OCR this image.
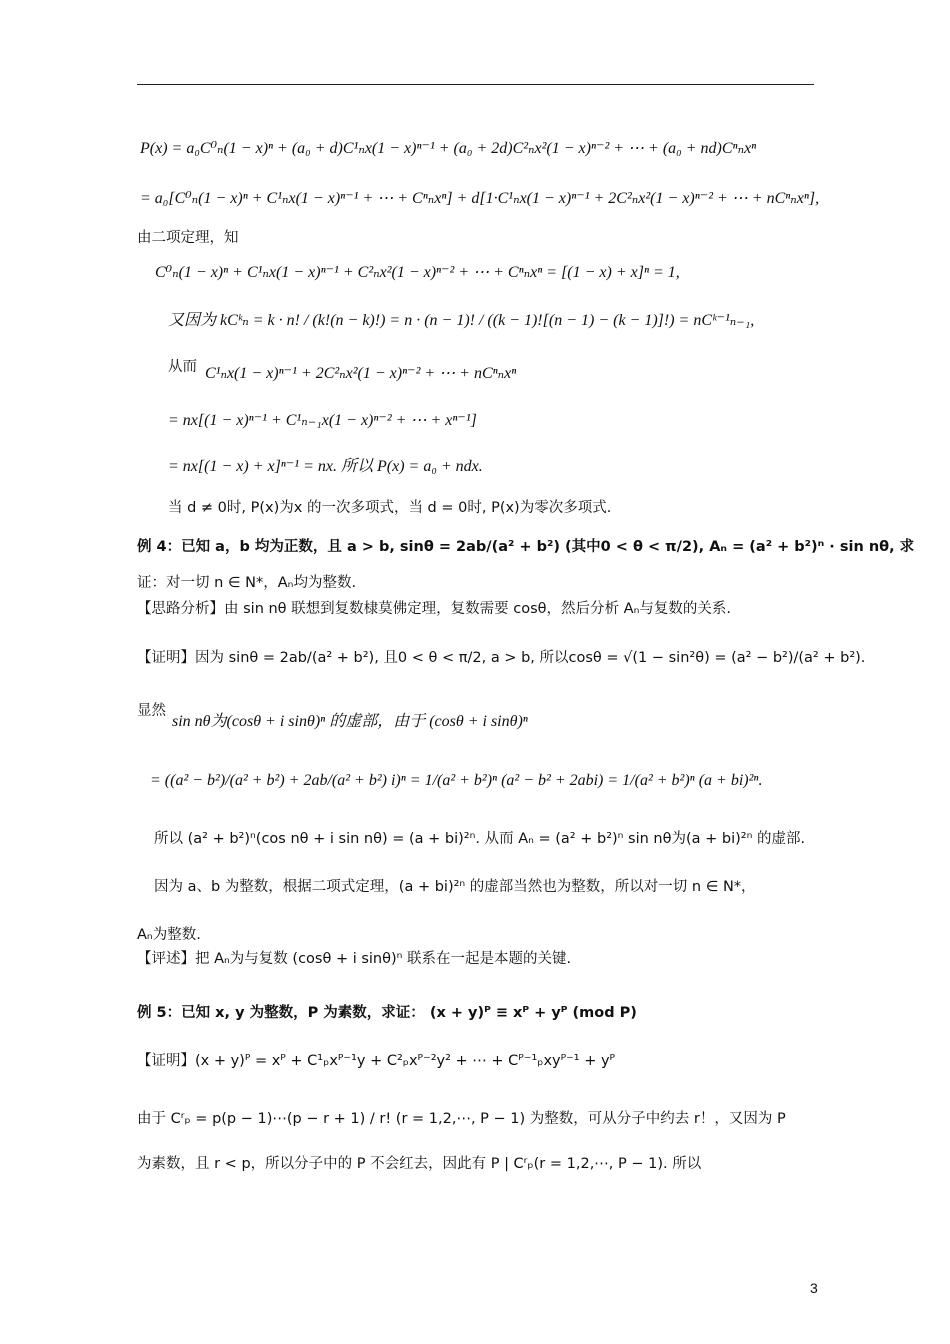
P(x) = a₀C⁰ₙ(1 − x)ⁿ + (a₀ + d)C¹ₙx(1 − x)ⁿ⁻¹ + (a₀ + 2d)C²ₙx²(1 − x)ⁿ⁻² + ⋯ + (a₀ + nd)Cⁿₙxⁿ
= a₀[C⁰ₙ(1 − x)ⁿ + C¹ₙx(1 − x)ⁿ⁻¹ + ⋯ + Cⁿₙxⁿ] + d[1·C¹ₙx(1 − x)ⁿ⁻¹ + 2C²ₙx²(1 − x)ⁿ⁻² + ⋯ + nCⁿₙxⁿ],
由二项定理，知
C⁰ₙ(1 − x)ⁿ + C¹ₙx(1 − x)ⁿ⁻¹ + C²ₙx²(1 − x)ⁿ⁻² + ⋯ + Cⁿₙxⁿ = [(1 − x) + x]ⁿ = 1,
又因为 kCᵏₙ = k · n! / (k!(n − k)!) = n · (n − 1)! / ((k − 1)![(n − 1) − (k − 1)]!) = nCᵏ⁻¹ₙ₋₁,
从而 C¹ₙx(1 − x)ⁿ⁻¹ + 2C²ₙx²(1 − x)ⁿ⁻² + ⋯ + nCⁿₙxⁿ
= nx[(1 − x)ⁿ⁻¹ + C¹ₙ₋₁x(1 − x)ⁿ⁻² + ⋯ + xⁿ⁻¹]
= nx[(1 − x) + x]ⁿ⁻¹ = nx. 所以 P(x) = a₀ + ndx.
当 d ≠ 0时, P(x)为x 的一次多项式，当 d = 0时, P(x)为零次多项式.
例 4：已知 a，b 均为正数，且 a > b, sinθ = 2ab/(a² + b²) (其中0 < θ < π/2), Aₙ = (a² + b²)ⁿ · sin nθ, 求
证：对一切 n ∈ N*，Aₙ均为整数.
【思路分析】由 sin nθ 联想到复数棣莫佛定理，复数需要 cosθ，然后分析 Aₙ与复数的关系.
【证明】因为 sinθ = 2ab/(a² + b²), 且0 < θ < π/2, a > b, 所以cosθ = √(1 − sin²θ) = (a² − b²)/(a² + b²).
显然
sin nθ为(cosθ + i sinθ)ⁿ 的虚部，由于 (cosθ + i sinθ)ⁿ
= ((a² − b²)/(a² + b²) + 2ab/(a² + b²) i)ⁿ = 1/(a² + b²)ⁿ (a² − b² + 2abi) = 1/(a² + b²)ⁿ (a + bi)²ⁿ.
所以 (a² + b²)ⁿ(cos nθ + i sin nθ) = (a + bi)²ⁿ. 从而 Aₙ = (a² + b²)ⁿ sin nθ为(a + bi)²ⁿ 的虚部.
因为 a、b 为整数，根据二项式定理，(a + bi)²ⁿ 的虚部当然也为整数，所以对一切 n ∈ N*，
Aₙ为整数.
【评述】把 Aₙ为与复数 (cosθ + i sinθ)ⁿ 联系在一起是本题的关键.
例 5：已知 x, y 为整数，P 为素数，求证： (x + y)ᴾ ≡ xᴾ + yᴾ (mod P)
【证明】(x + y)ᴾ = xᴾ + C¹ₚxᴾ⁻¹y + C²ₚxᴾ⁻²y² + ⋯ + Cᴾ⁻¹ₚxyᴾ⁻¹ + yᴾ
由于 Cʳₚ = p(p − 1)⋯(p − r + 1) / r! (r = 1,2,⋯, P − 1) 为整数，可从分子中约去 r！，又因为 P
为素数，且 r < p，所以分子中的 P 不会红去，因此有 P | Cʳₚ(r = 1,2,⋯, P − 1). 所以
3
